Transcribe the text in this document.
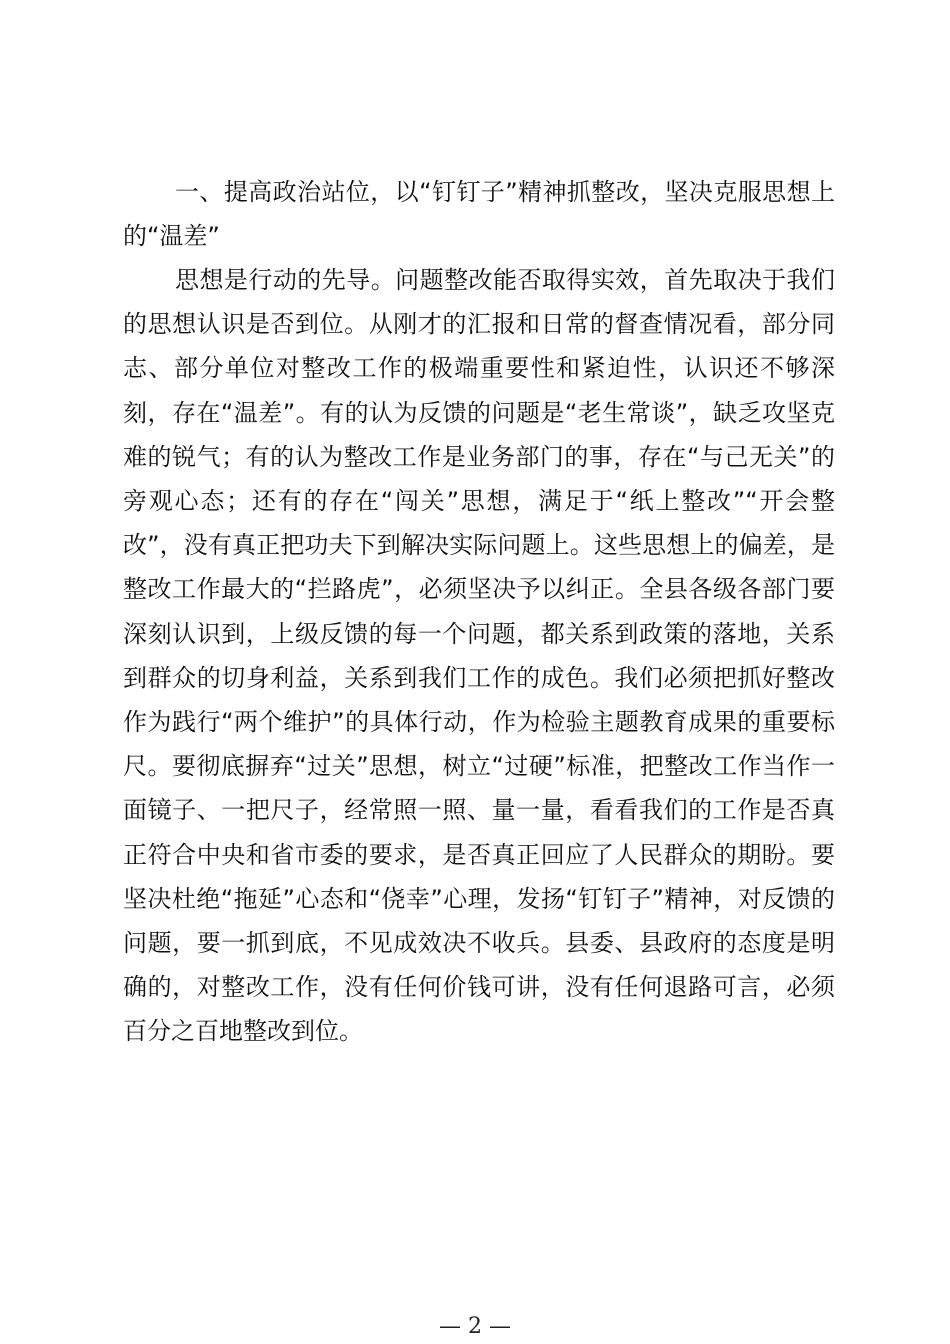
一、提高政治站位，以“钉钉子”精神抓整改，坚决克服思想上的“温差”

思想是行动的先导。问题整改能否取得实效，首先取决于我们的思想认识是否到位。从刚才的汇报和日常的督查情况看，部分同志、部分单位对整改工作的极端重要性和紧迫性，认识还不够深刻，存在“温差”。有的认为反馈的问题是“老生常谈”，缺乏攻坚克难的锐气；有的认为整改工作是业务部门的事，存在“与己无关”的旁观心态；还有的存在“闯关”思想，满足于“纸上整改”“开会整改”，没有真正把功夫下到解决实际问题上。这些思想上的偏差，是整改工作最大的“拦路虎”，必须坚决予以纠正。全县各级各部门要深刻认识到，上级反馈的每一个问题，都关系到政策的落地，关系到群众的切身利益，关系到我们工作的成色。我们必须把抓好整改作为践行“两个维护”的具体行动，作为检验主题教育成果的重要标尺。要彻底摒弃“过关”思想，树立“过硬”标准，把整改工作当作一面镜子、一把尺子，经常照一照、量一量，看看我们的工作是否真正符合中央和省市委的要求，是否真正回应了人民群众的期盼。要坚决杜绝“拖延”心态和“侥幸”心理，发扬“钉钉子”精神，对反馈的问题，要一抓到底，不见成效决不收兵。县委、县政府的态度是明确的，对整改工作，没有任何价钱可讲，没有任何退路可言，必须百分之百地整改到位。

— 2 —
